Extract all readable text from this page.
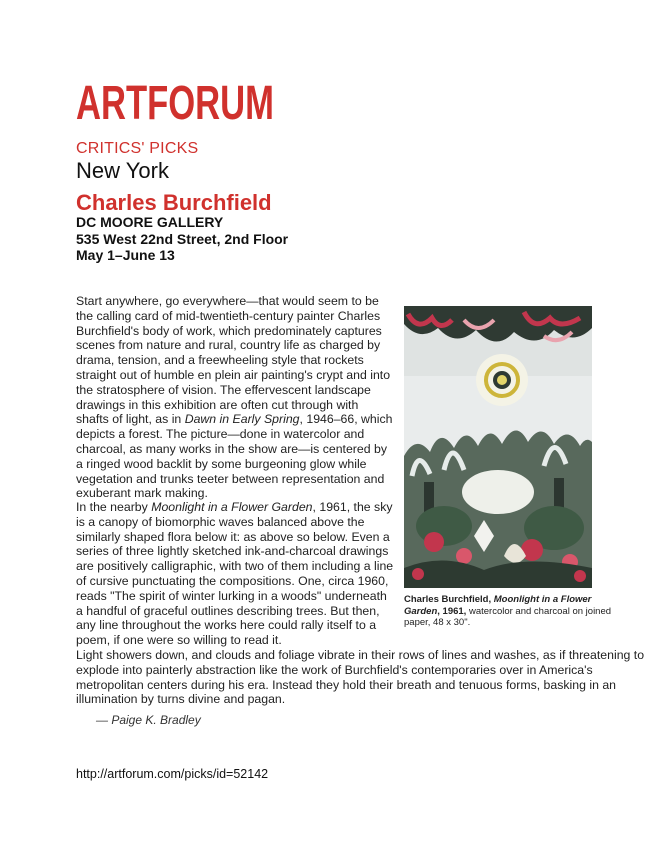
ARTFORUM
CRITICS' PICKS
New York
Charles Burchfield
DC MOORE GALLERY
535 West 22nd Street, 2nd Floor
May 1–June 13

Start anywhere, go everywhere—that would seem to be the calling card of mid-twentieth-century painter Charles Burchfield's body of work, which predominately captures scenes from nature and rural, country life as charged by drama, tension, and a freewheeling style that rockets straight out of humble en plein air painting's crypt and into the stratosphere of vision. The effervescent landscape drawings in this exhibition are often cut through with shafts of light, as in Dawn in Early Spring, 1946–66, which depicts a forest. The picture—done in watercolor and charcoal, as many works in the show are—is centered by a ringed wood backlit by some burgeoning glow while vegetation and trunks teeter between representation and exuberant mark making.

In the nearby Moonlight in a Flower Garden, 1961, the sky is a canopy of biomorphic waves balanced above the similarly shaped flora below it: as above so below. Even a series of three lightly sketched ink-and-charcoal drawings are positively calligraphic, with two of them including a line of cursive punctuating the compositions. One, circa 1960, reads "The spirit of winter lurking in a woods" underneath a handful of graceful outlines describing trees. But then, any line throughout the works here could rally itself to a poem, if one were so willing to read it.

Light showers down, and clouds and foliage vibrate in their rows of lines and washes, as if threatening to explode into painterly abstraction like the work of Burchfield's contemporaries over in America's metropolitan centers during his era. Instead they hold their breath and tenuous forms, basking in an illumination by turns divine and pagan.

— Paige K. Bradley
Charles Burchfield, Moonlight in a Flower Garden, 1961, watercolor and charcoal on joined paper, 48 x 30".
http://artforum.com/picks/id=52142
